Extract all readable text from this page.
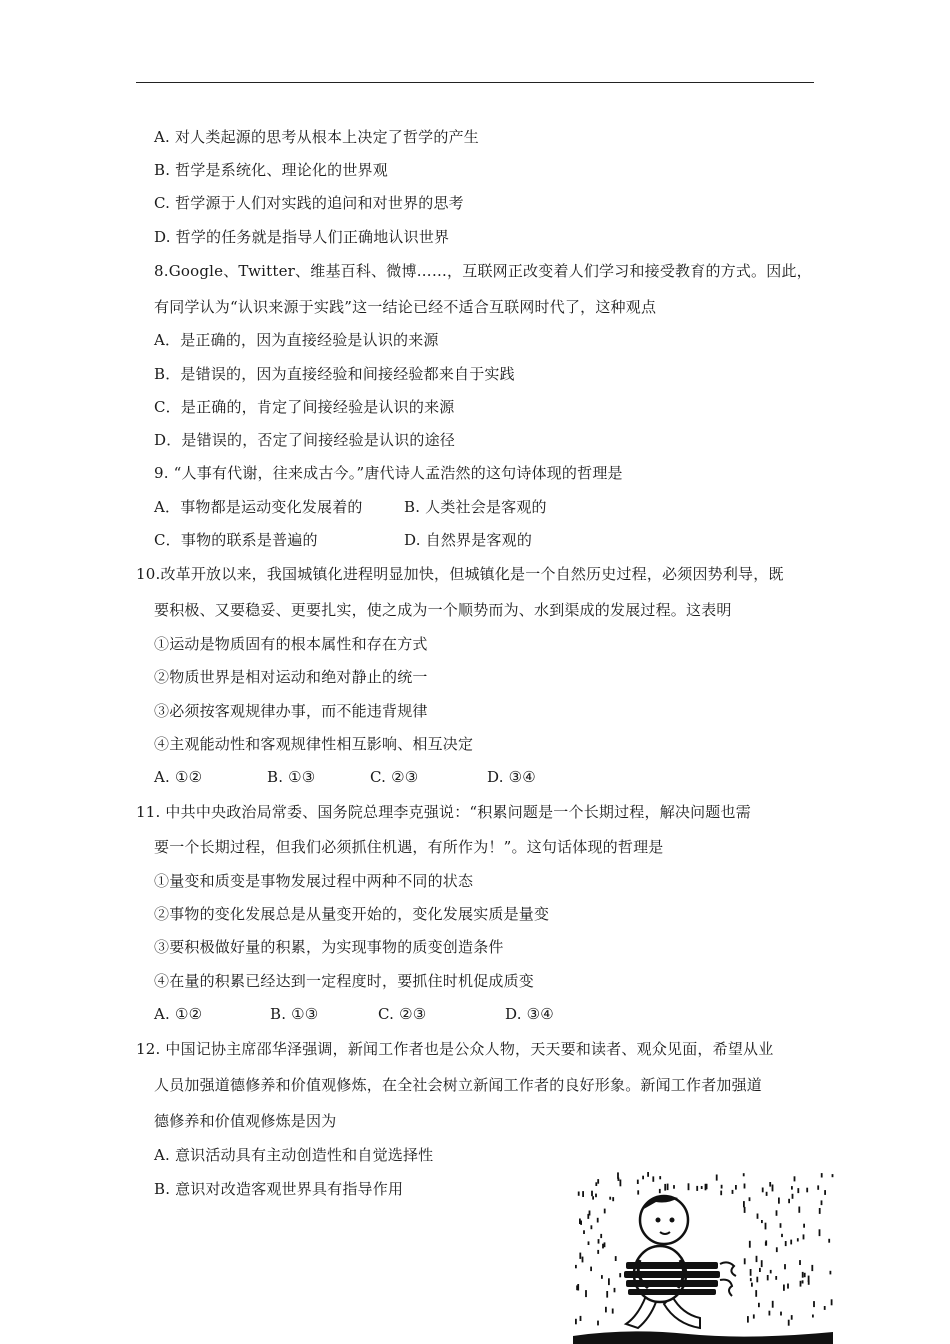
A. 对人类起源的思考从根本上决定了哲学的产生
B. 哲学是系统化、理论化的世界观
C. 哲学源于人们对实践的追问和对世界的思考
D. 哲学的任务就是指导人们正确地认识世界
8.Google、Twitter、维基百科、微博……，互联网正改变着人们学习和接受教育的方式。因此，
有同学认为“认识来源于实践”这一结论已经不适合互联网时代了，这种观点
A．是正确的，因为直接经验是认识的来源
B．是错误的，因为直接经验和间接经验都来自于实践
C．是正确的，肯定了间接经验是认识的来源
D．是错误的，否定了间接经验是认识的途径
9. “人事有代谢，往来成古今。”唐代诗人孟浩然的这句诗体现的哲理是
A．事物都是运动变化发展着的	B. 人类社会是客观的
C．事物的联系是普遍的	D. 自然界是客观的
10.改革开放以来，我国城镇化进程明显加快，但城镇化是一个自然历史过程，必须因势利导，既
要积极、又要稳妥、更要扎实，使之成为一个顺势而为、水到渠成的发展过程。这表明
①运动是物质固有的根本属性和存在方式
②物质世界是相对运动和绝对静止的统一
③必须按客观规律办事，而不能违背规律
④主观能动性和客观规律性相互影响、相互决定
A. ①②	B. ①③	C. ②③	D. ③④
11. 中共中央政治局常委、国务院总理李克强说：“积累问题是一个长期过程，解决问题也需
要一个长期过程，但我们必须抓住机遇，有所作为！”。这句话体现的哲理是
①量变和质变是事物发展过程中两种不同的状态
②事物的变化发展总是从量变开始的，变化发展实质是量变
③要积极做好量的积累，为实现事物的质变创造条件
④在量的积累已经达到一定程度时，要抓住时机促成质变
A. ①②	B. ①③	C. ②③	D. ③④
12. 中国记协主席邵华泽强调，新闻工作者也是公众人物，天天要和读者、观众见面，希望从业
人员加强道德修养和价值观修炼，在全社会树立新闻工作者的良好形象。新闻工作者加强道
德修养和价值观修炼是因为
A. 意识活动具有主动创造性和自觉选择性
B. 意识对改造客观世界具有指导作用
